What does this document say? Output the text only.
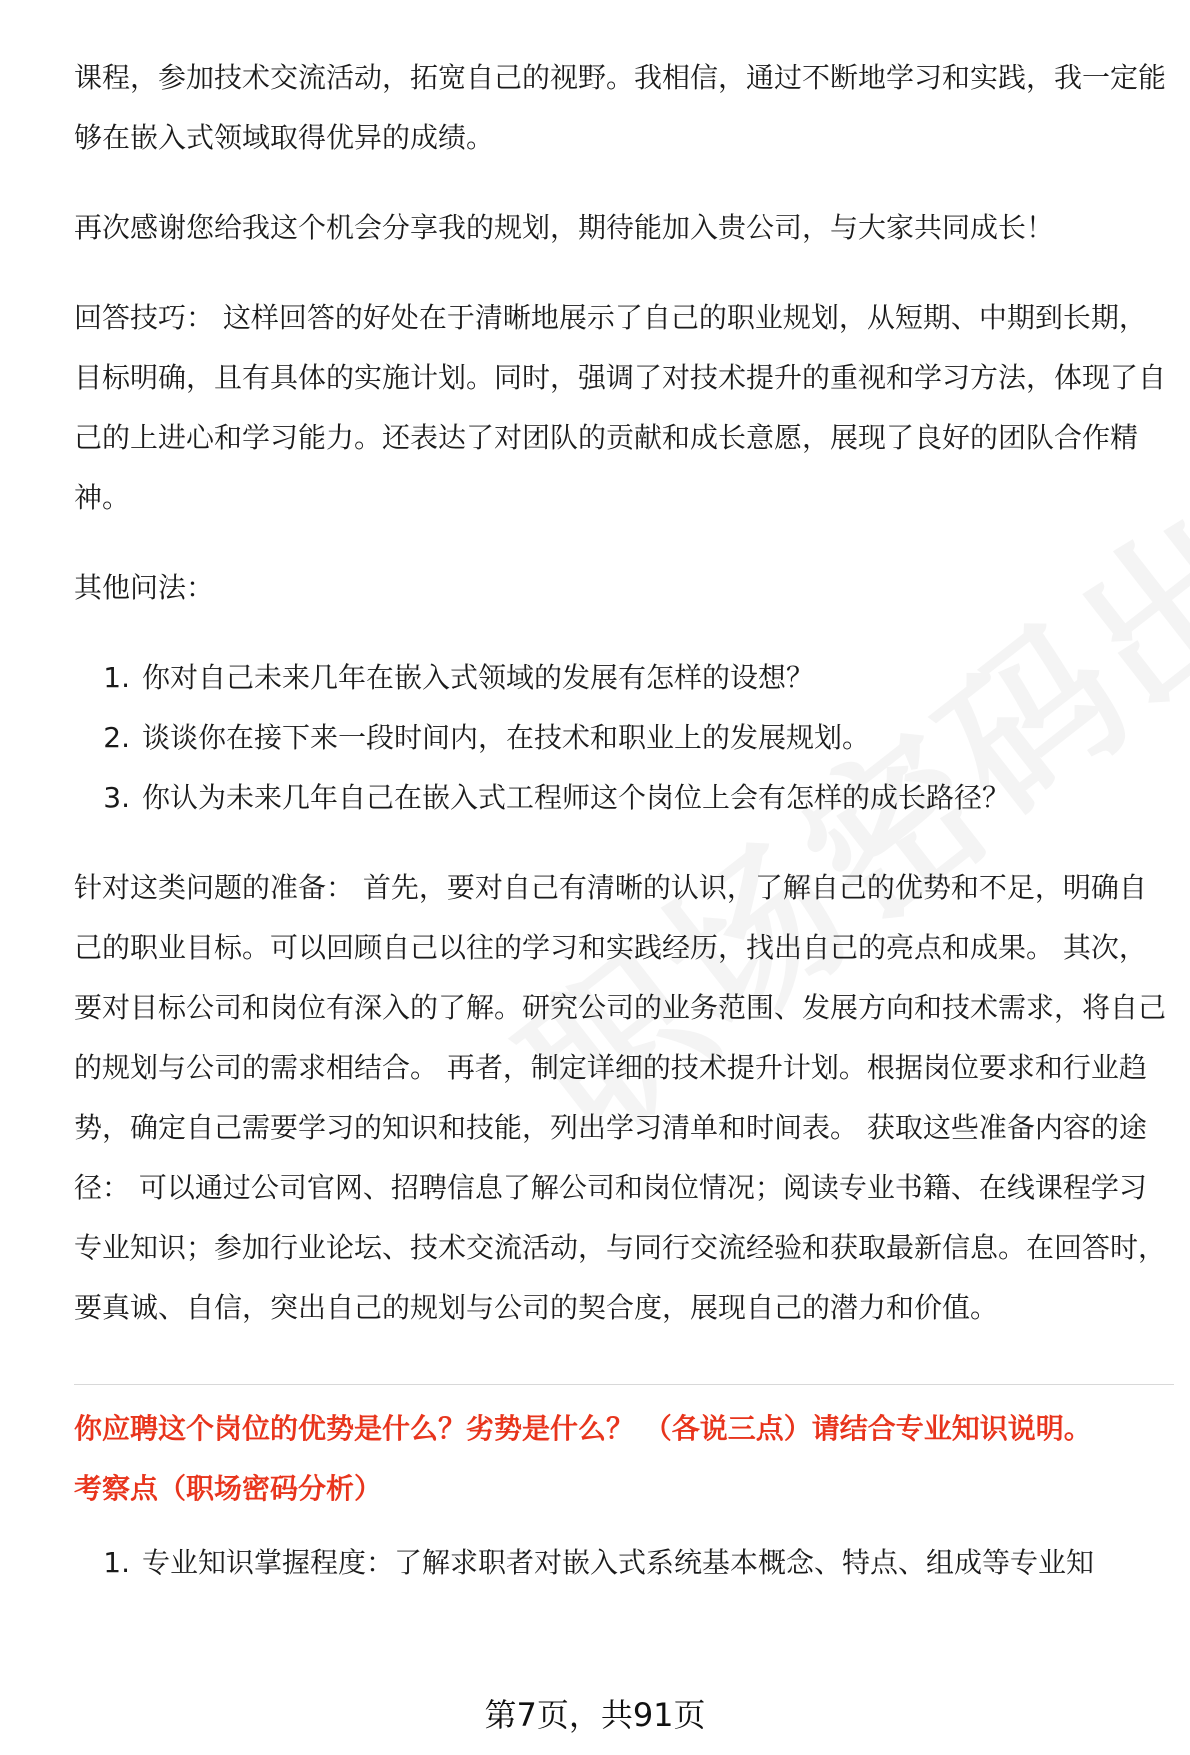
课程，参加技术交流活动，拓宽自己的视野。我相信，通过不断地学习和实践，我一定能够在嵌入式领域取得优异的成绩。

再次感谢您给我这个机会分享我的规划，期待能加入贵公司，与大家共同成长！

回答技巧： 这样回答的好处在于清晰地展示了自己的职业规划，从短期、中期到长期，目标明确，且有具体的实施计划。同时，强调了对技术提升的重视和学习方法，体现了自己的上进心和学习能力。还表达了对团队的贡献和成长意愿，展现了良好的团队合作精神。

其他问法：

1. 你对自己未来几年在嵌入式领域的发展有怎样的设想？
2. 谈谈你在接下来一段时间内，在技术和职业上的发展规划。
3. 你认为未来几年自己在嵌入式工程师这个岗位上会有怎样的成长路径？

针对这类问题的准备： 首先，要对自己有清晰的认识，了解自己的优势和不足，明确自己的职业目标。可以回顾自己以往的学习和实践经历，找出自己的亮点和成果。 其次，要对目标公司和岗位有深入的了解。研究公司的业务范围、发展方向和技术需求，将自己的规划与公司的需求相结合。 再者，制定详细的技术提升计划。根据岗位要求和行业趋势，确定自己需要学习的知识和技能，列出学习清单和时间表。 获取这些准备内容的途径： 可以通过公司官网、招聘信息了解公司和岗位情况；阅读专业书籍、在线课程学习专业知识；参加行业论坛、技术交流活动，与同行交流经验和获取最新信息。在回答时，要真诚、自信，突出自己的规划与公司的契合度，展现自己的潜力和价值。

你应聘这个岗位的优势是什么？劣势是什么？ （各说三点）请结合专业知识说明。

考察点（职场密码分析）

1. 专业知识掌握程度：了解求职者对嵌入式系统基本概念、特点、组成等专业知
第7页，共91页
